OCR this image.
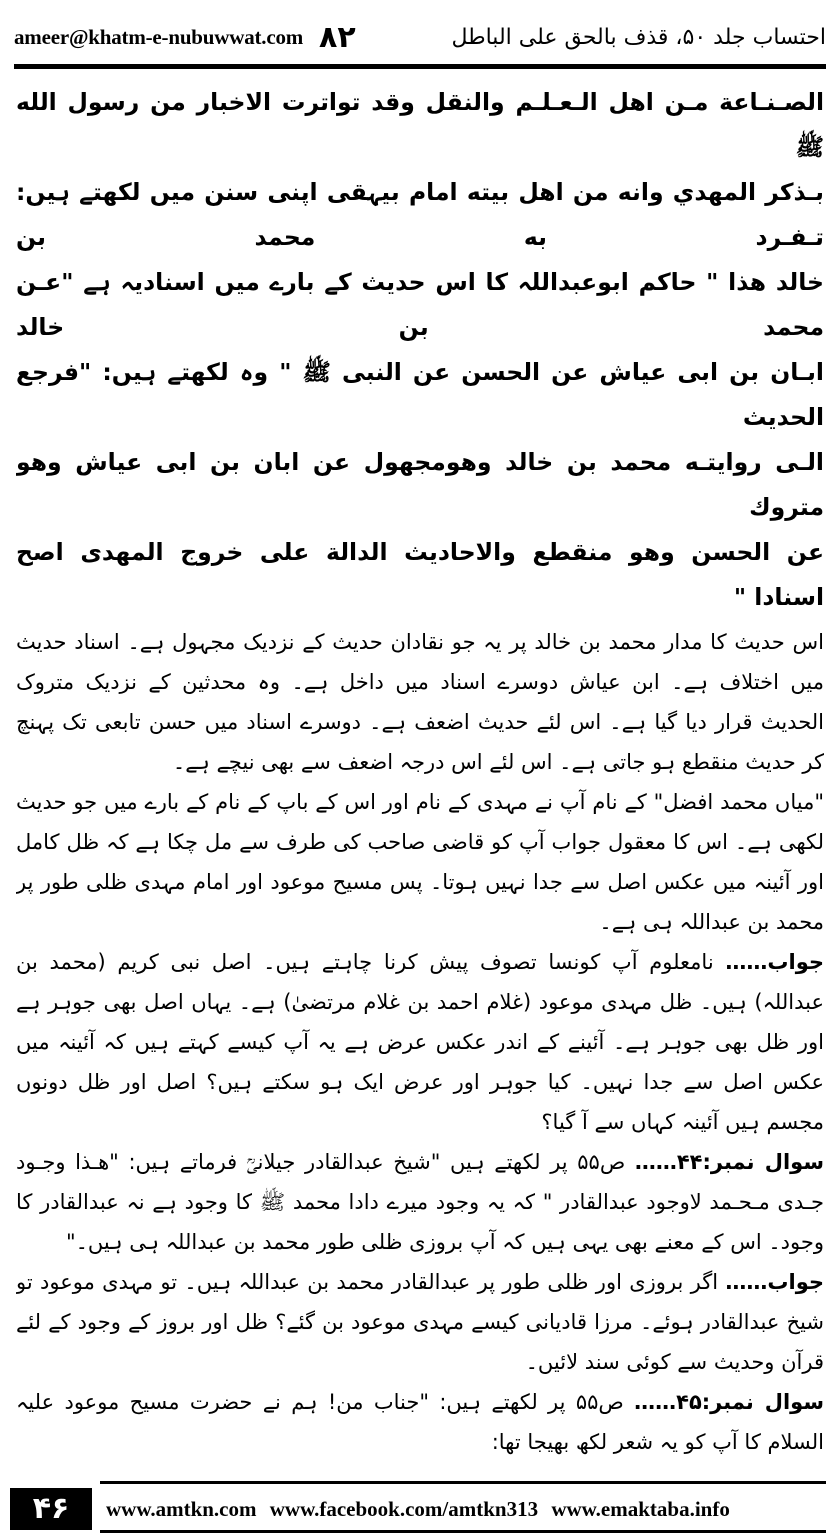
ameer@khatm-e-nubuwwat.com ٨٢	احتساب جلد ۵۰، قذف بالحق علی الباطل

الصـنـاعة مـن اهل الـعـلـم والنقل وقد تواترت الاخبار من رسول الله ﷺ

بـذكر المهدي وانه من اهل بيته امام بیہقی اپنی سنن میں لکھتے ہیں: تـفـرد به محمد بن

خالد هذا " حاکم ابوعبداللہ کا اس حدیث کے بارے میں اسنادیہ ہے "عـن محمد بن خالد

ابـان بن ابی عیاش عن الحسن عن النبی ﷺ " وہ لکھتے ہیں: "فرجع الحدیث

الـی روایتـه محمد بن خالد وهومجهول عن ابان بن ابی عیاش وهو متروك

عن الحسن وهو منقطع والاحادیث الدالة علی خروج المهدی اصح اسنادا "

اس حدیث کا مدار محمد بن خالد پر یہ جو نقادان حدیث کے نزدیک مجہول ہے۔ اسناد حدیث میں اختلاف ہے۔ ابن عیاش دوسرے اسناد میں داخل ہے۔ وہ محدثین کے نزدیک متروک الحدیث قرار دیا گیا ہے۔ اس لئے حدیث اضعف ہے۔ دوسرے اسناد میں حسن تابعی تک پہنچ کر حدیث منقطع ہو جاتی ہے۔ اس لئے اس درجہ اضعف سے بھی نیچے ہے۔

"میاں محمد افضل" کے نام آپ نے مہدی کے نام اور اس کے باپ کے نام کے بارے میں جو حدیث لکھی ہے۔ اس کا معقول جواب آپ کو قاضی صاحب کی طرف سے مل چکا ہے کہ ظل کامل اور آئینہ میں عکس اصل سے جدا نہیں ہوتا۔ پس مسیح موعود اور امام مہدی ظلی طور پر محمد بن عبداللہ ہی ہے۔

جواب…… نامعلوم آپ کونسا تصوف پیش کرنا چاہتے ہیں۔ اصل نبی کریم (محمد بن عبداللہ) ہیں۔ ظل مہدی موعود (غلام احمد بن غلام مرتضیٰ) ہے۔ یہاں اصل بھی جوہر ہے اور ظل بھی جوہر ہے۔ آئینے کے اندر عکس عرض ہے یہ آپ کیسے کہتے ہیں کہ آئینہ میں عکس اصل سے جدا نہیں۔ کیا جوہر اور عرض ایک ہو سکتے ہیں؟ اصل اور ظل دونوں مجسم ہیں آئینہ کہاں سے آ گیا؟

سوال نمبر:۴۴…… ص۵۵ پر لکھتے ہیں "شیخ عبدالقادر جیلانیؒ فرماتے ہیں: "هـذا وجـود جـدی مـحـمد لاوجود عبدالقادر " کہ یہ وجود میرے دادا محمد ﷺ کا وجود ہے نہ عبدالقادر کا وجود۔ اس کے معنے بھی یہی ہیں کہ آپ بروزی ظلی طور محمد بن عبداللہ ہی ہیں۔"

جواب…… اگر بروزی اور ظلی طور پر عبدالقادر محمد بن عبداللہ ہیں۔ تو مہدی موعود تو شیخ عبدالقادر ہوئے۔ مرزا قادیانی کیسے مہدی موعود بن گئے؟ ظل اور بروز کے وجود کے لئے قرآن وحدیث سے کوئی سند لائیں۔

سوال نمبر:۴۵…… ص۵۵ پر لکھتے ہیں: "جناب من! ہم نے حضرت مسیح موعود علیہ السلام کا آپ کو یہ شعر لکھ بھیجا تھا:

۴۶	www.amtkn.com www.facebook.com/amtkn313 www.emaktaba.info
